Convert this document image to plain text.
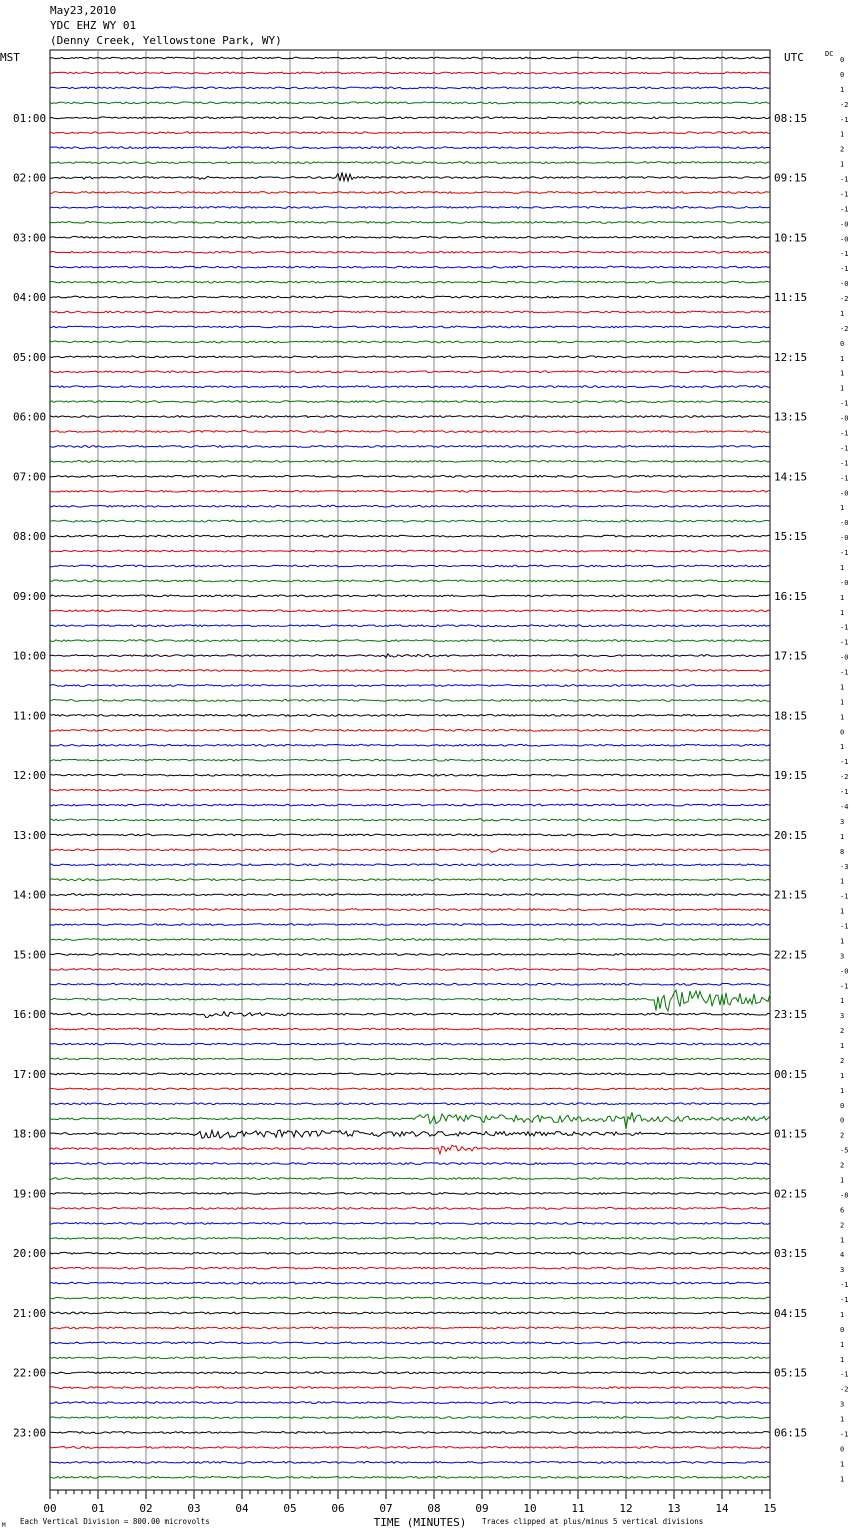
May23,2010
YDC EHZ WY 01
(Denny Creek, Yellowstone Park, WY)
MST	UTC	DC
01:00	08:15
02:00	09:15
03:00	10:15
04:00	11:15
05:00	12:15
06:00	13:15
07:00	14:15
08:00	15:15
09:00	16:15
10:00	17:15
11:00	18:15
12:00	19:15
13:00	20:15
14:00	21:15
15:00	22:15
16:00	23:15
17:00	00:15
18:00	01:15
19:00	02:15
20:00	03:15
21:00	04:15
22:00	05:15
23:00	06:15
0
0
1
-2
-1
1
2
1
-1
-1
-1
-0
-0
-1
-1
-0
-2
1
-2
0
1
1
1
-1
-0
-1
-1
-1
-1
-0
1
-0
-0
-1
1
-0
1
1
-1
-1
-0
-1
1
1
1
0
1
-1
-2
-1
-4
3
1
8
-3
1
-1
1
-1
1
3
-0
-1
1
3
2
1
2
1
1
0
0
2
-5
2
1
-8
6
2
1
4
3
-1
-1
1
0
1
1
-1
-2
3
1
-1
0
1
1
00	01	02	03	04	05	06	07	08	09	10	11	12	13	14	15
TIME (MINUTES)
Each Vertical Division = 800.00 microvolts	Traces clipped at plus/minus 5 vertical divisions
M
